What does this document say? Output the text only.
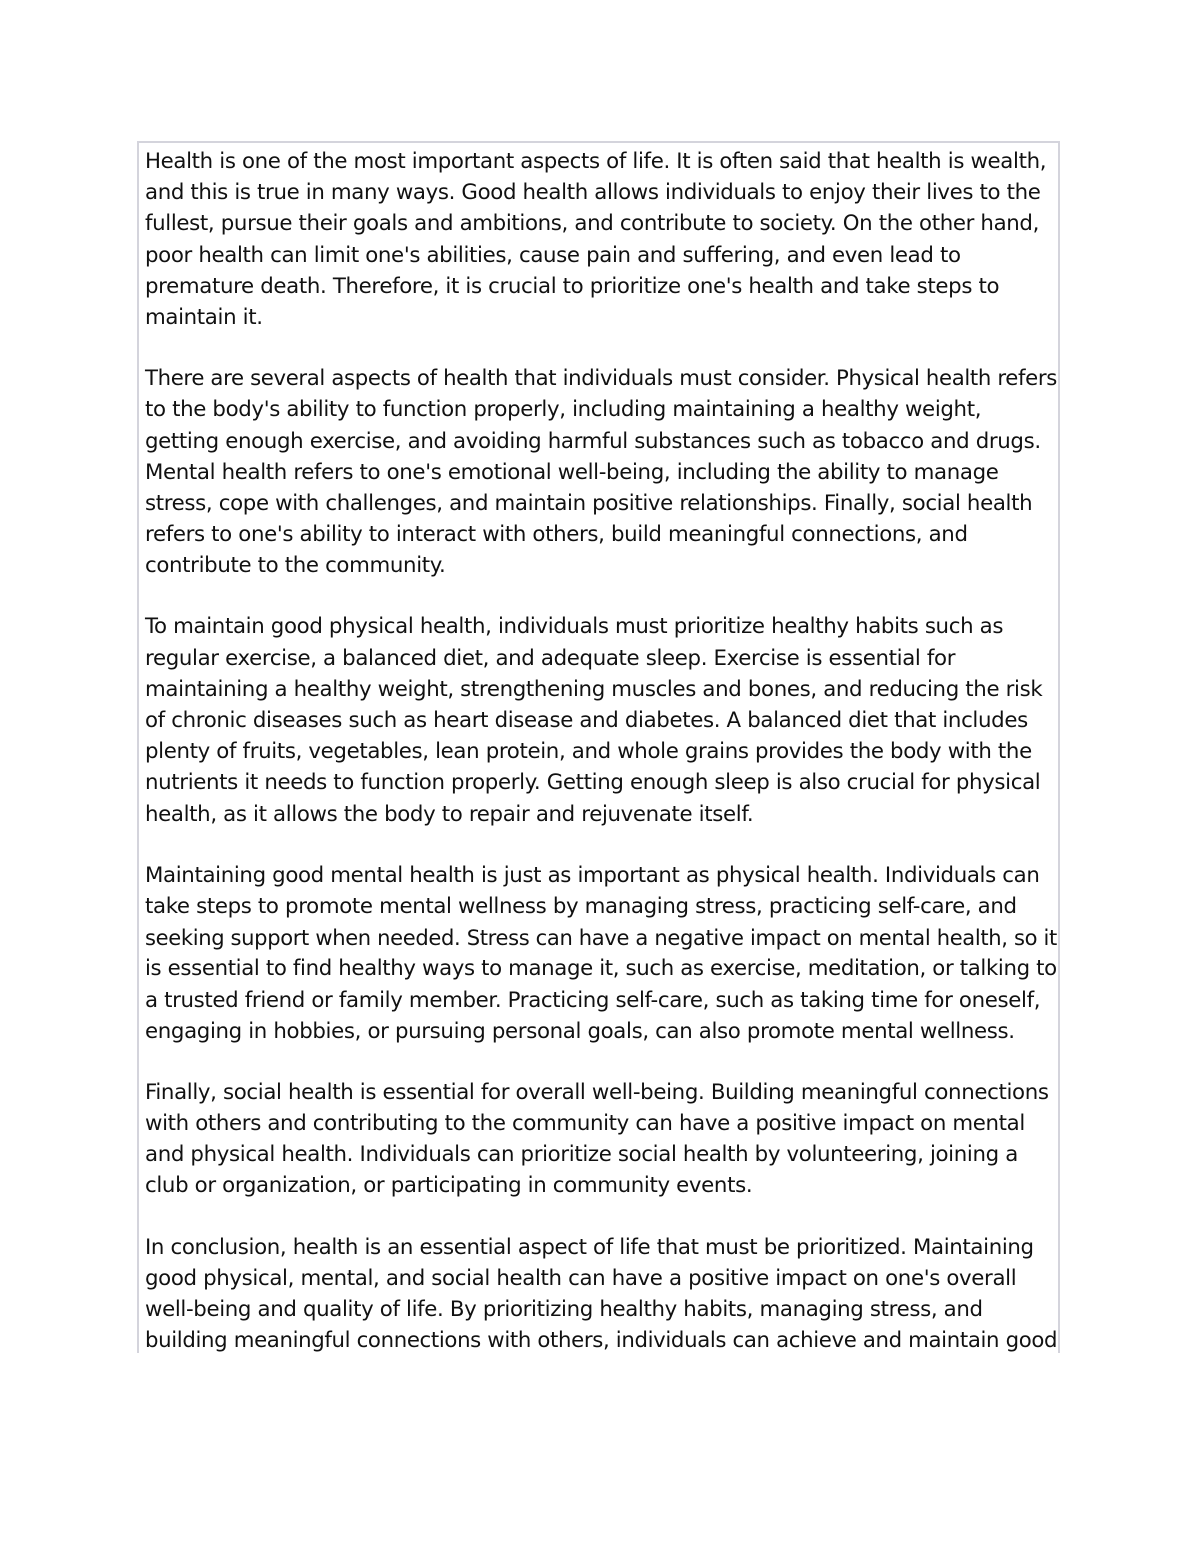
Health is one of the most important aspects of life. It is often said that health is wealth,
and this is true in many ways. Good health allows individuals to enjoy their lives to the
fullest, pursue their goals and ambitions, and contribute to society. On the other hand,
poor health can limit one's abilities, cause pain and suffering, and even lead to
premature death. Therefore, it is crucial to prioritize one's health and take steps to
maintain it.
There are several aspects of health that individuals must consider. Physical health refers
to the body's ability to function properly, including maintaining a healthy weight,
getting enough exercise, and avoiding harmful substances such as tobacco and drugs.
Mental health refers to one's emotional well-being, including the ability to manage
stress, cope with challenges, and maintain positive relationships. Finally, social health
refers to one's ability to interact with others, build meaningful connections, and
contribute to the community.
To maintain good physical health, individuals must prioritize healthy habits such as
regular exercise, a balanced diet, and adequate sleep. Exercise is essential for
maintaining a healthy weight, strengthening muscles and bones, and reducing the risk
of chronic diseases such as heart disease and diabetes. A balanced diet that includes
plenty of fruits, vegetables, lean protein, and whole grains provides the body with the
nutrients it needs to function properly. Getting enough sleep is also crucial for physical
health, as it allows the body to repair and rejuvenate itself.
Maintaining good mental health is just as important as physical health. Individuals can
take steps to promote mental wellness by managing stress, practicing self-care, and
seeking support when needed. Stress can have a negative impact on mental health, so it
is essential to find healthy ways to manage it, such as exercise, meditation, or talking to
a trusted friend or family member. Practicing self-care, such as taking time for oneself,
engaging in hobbies, or pursuing personal goals, can also promote mental wellness.
Finally, social health is essential for overall well-being. Building meaningful connections
with others and contributing to the community can have a positive impact on mental
and physical health. Individuals can prioritize social health by volunteering, joining a
club or organization, or participating in community events.
In conclusion, health is an essential aspect of life that must be prioritized. Maintaining
good physical, mental, and social health can have a positive impact on one's overall
well-being and quality of life. By prioritizing healthy habits, managing stress, and
building meaningful connections with others, individuals can achieve and maintain good
